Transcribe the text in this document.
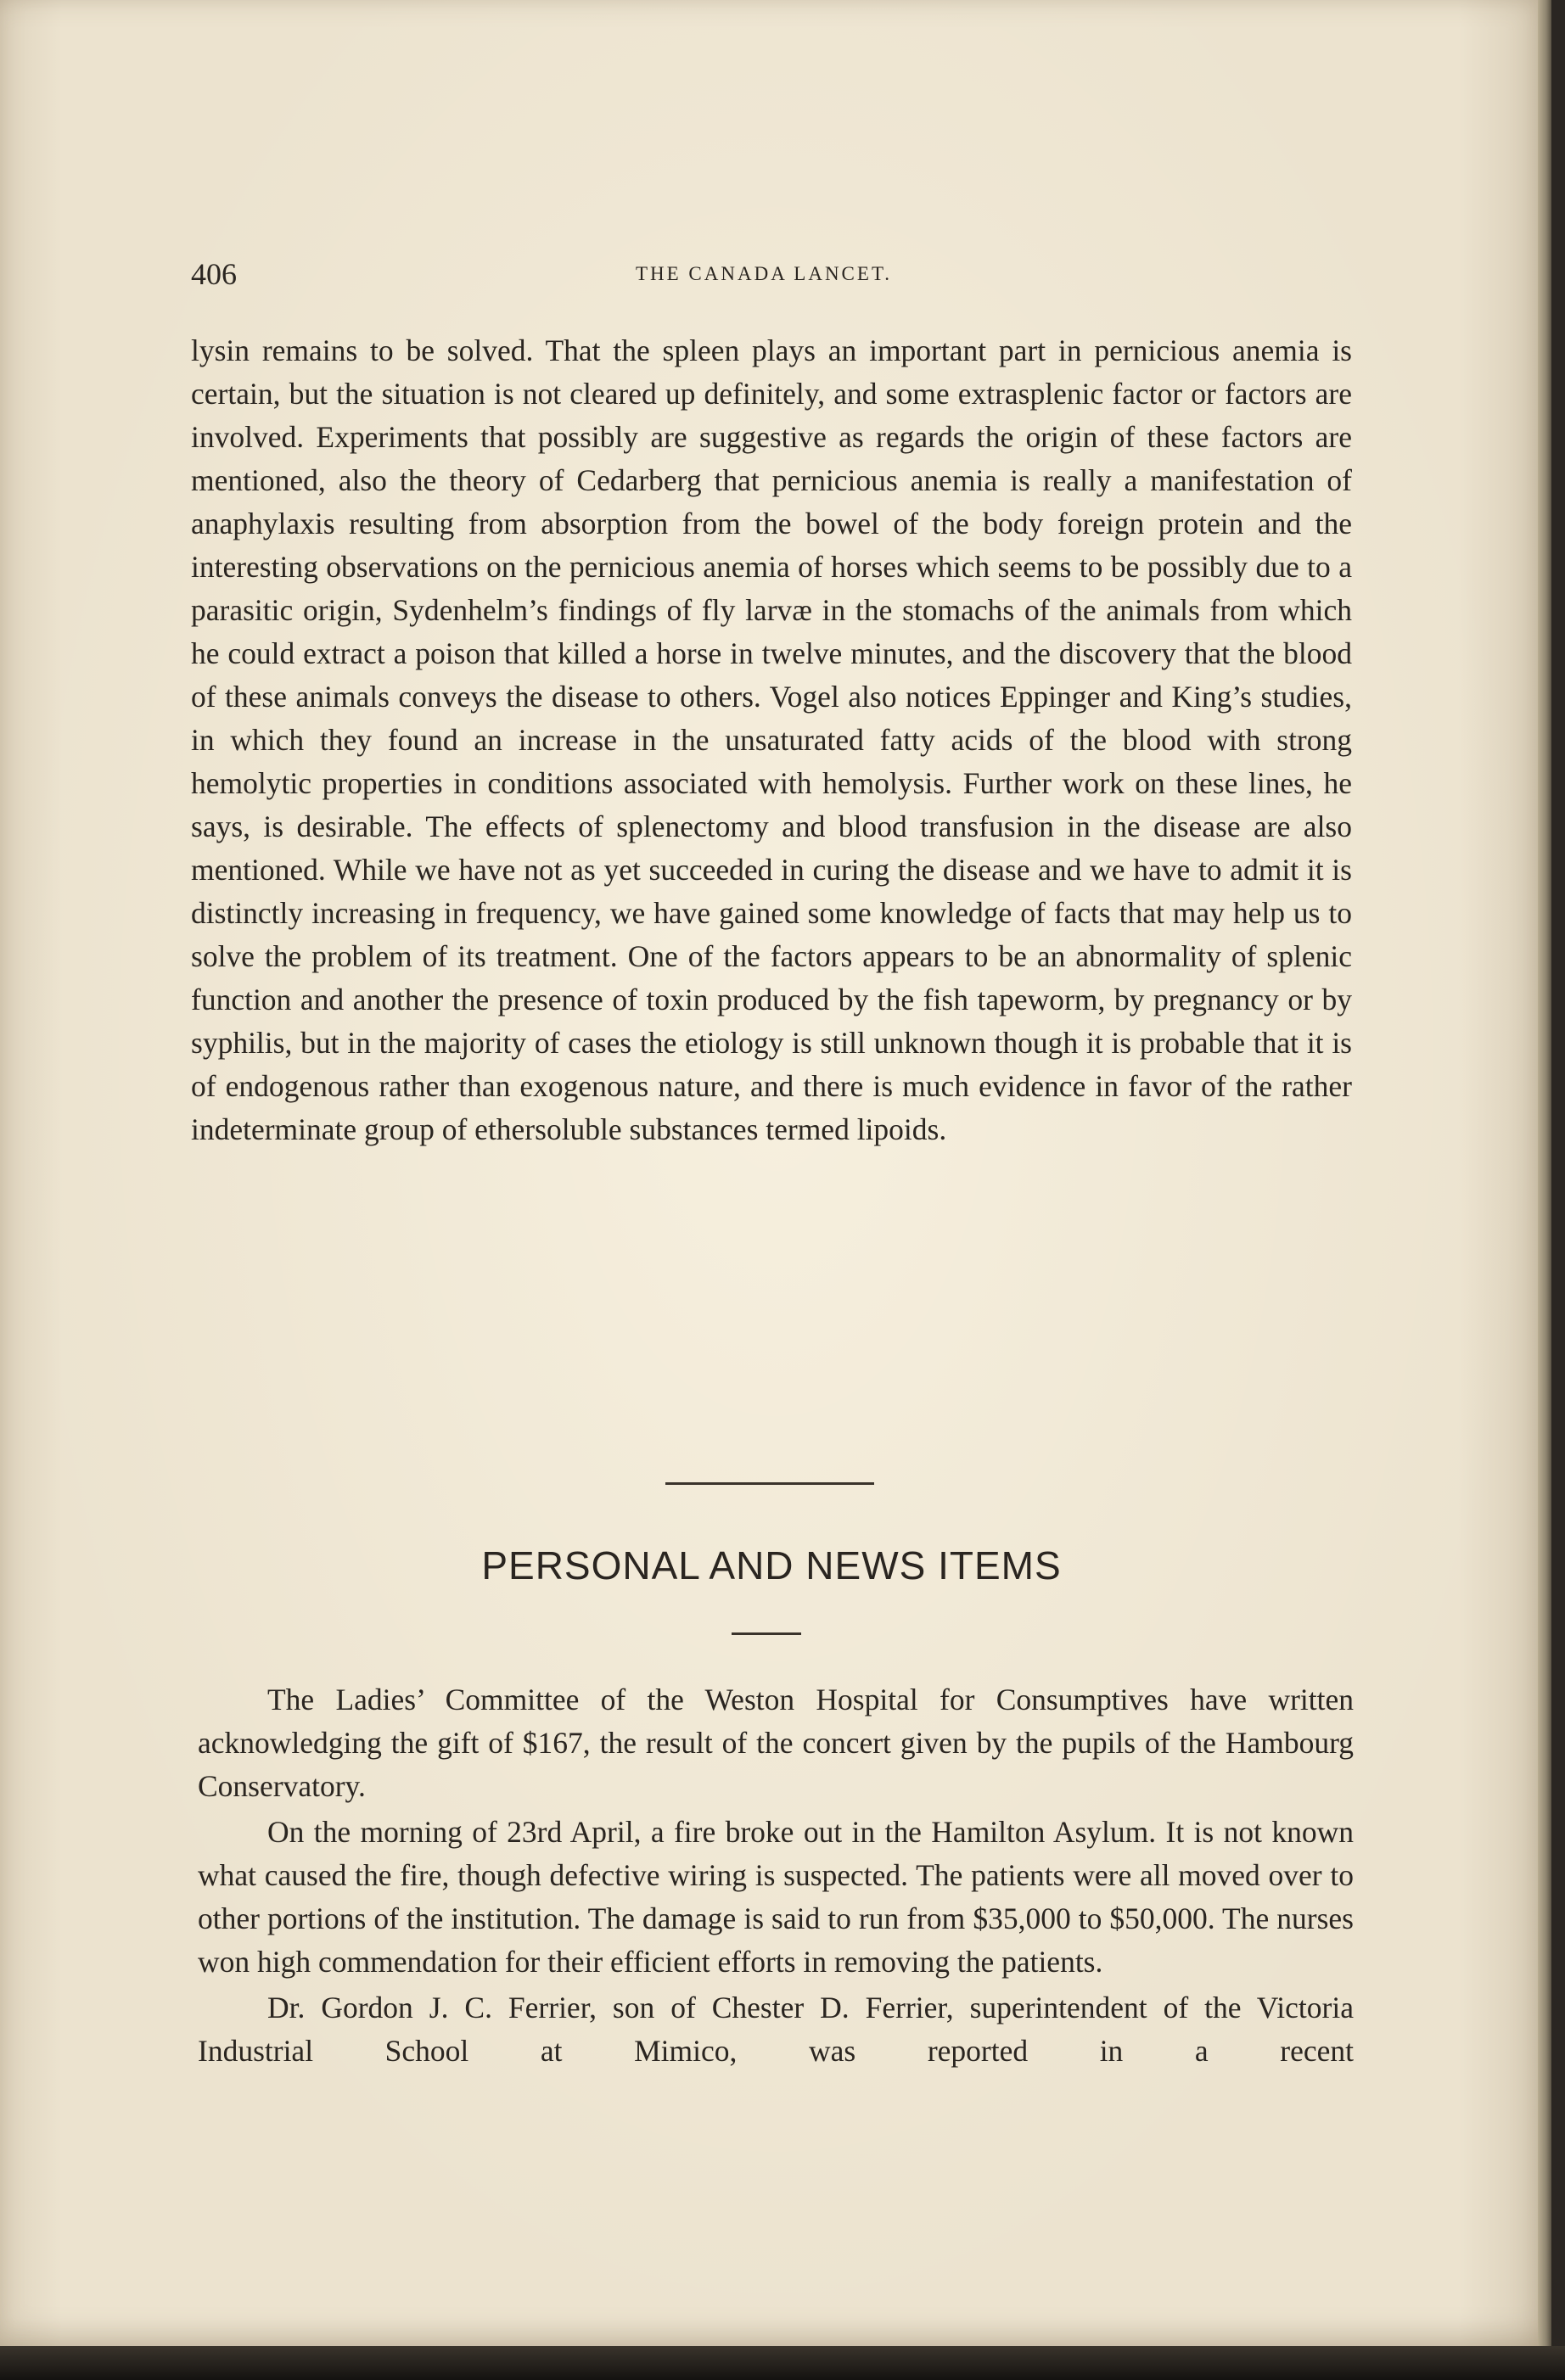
406	THE CANADA LANCET.

lysin remains to be solved. That the spleen plays an important part in pernicious anemia is certain, but the situation is not cleared up definitely, and some extrasplenic factor or factors are involved. Experiments that possibly are suggestive as regards the origin of these factors are mentioned, also the theory of Cedarberg that pernicious anemia is really a manifestation of anaphylaxis resulting from absorption from the bowel of the body foreign protein and the interesting observations on the pernicious anemia of horses which seems to be possibly due to a parasitic origin, Sydenhelm’s findings of fly larvæ in the stomachs of the animals from which he could extract a poison that killed a horse in twelve minutes, and the discovery that the blood of these animals conveys the disease to others. Vogel also notices Eppinger and King’s studies, in which they found an increase in the unsaturated fatty acids of the blood with strong hemolytic properties in conditions associated with hemolysis. Further work on these lines, he says, is desirable. The effects of splenectomy and blood transfusion in the disease are also mentioned. While we have not as yet succeeded in curing the disease and we have to admit it is distinctly increasing in frequency, we have gained some knowledge of facts that may help us to solve the problem of its treatment. One of the factors appears to be an abnormality of splenic function and another the presence of toxin produced by the fish tapeworm, by pregnancy or by syphilis, but in the majority of cases the etiology is still unknown though it is probable that it is of endogenous rather than exogenous nature, and there is much evidence in favor of the rather indeterminate group of ethersoluble substances termed lipoids.

PERSONAL AND NEWS ITEMS

The Ladies’ Committee of the Weston Hospital for Consumptives have written acknowledging the gift of $167, the result of the concert given by the pupils of the Hambourg Conservatory.

On the morning of 23rd April, a fire broke out in the Hamilton Asylum. It is not known what caused the fire, though defective wiring is suspected. The patients were all moved over to other portions of the institution. The damage is said to run from $35,000 to $50,000. The nurses won high commendation for their efficient efforts in removing the patients.

Dr. Gordon J. C. Ferrier, son of Chester D. Ferrier, superintendent of the Victoria Industrial School at Mimico, was reported in a recent
